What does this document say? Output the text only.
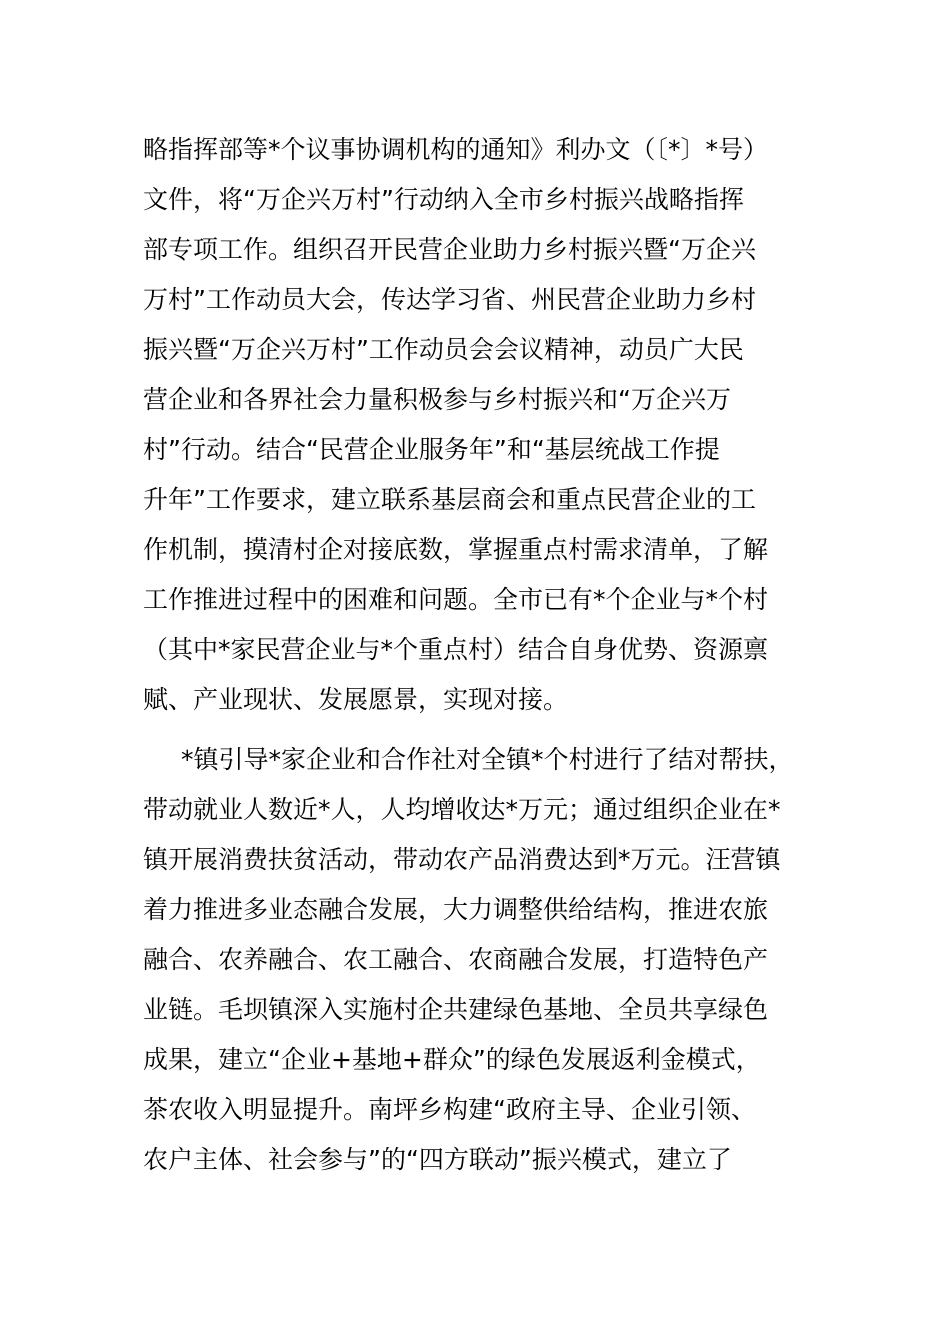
略指挥部等*个议事协调机构的通知》利办文（〔*〕*号）
文件，将“万企兴万村”行动纳入全市乡村振兴战略指挥
部专项工作。组织召开民营企业助力乡村振兴暨“万企兴
万村”工作动员大会，传达学习省、州民营企业助力乡村
振兴暨“万企兴万村”工作动员会会议精神，动员广大民
营企业和各界社会力量积极参与乡村振兴和“万企兴万
村”行动。结合“民营企业服务年”和“基层统战工作提
升年”工作要求，建立联系基层商会和重点民营企业的工
作机制，摸清村企对接底数，掌握重点村需求清单，了解
工作推进过程中的困难和问题。全市已有*个企业与*个村
（其中*家民营企业与*个重点村）结合自身优势、资源禀
赋、产业现状、发展愿景，实现对接。
*镇引导*家企业和合作社对全镇*个村进行了结对帮扶，
带动就业人数近*人，人均增收达*万元；通过组织企业在*
镇开展消费扶贫活动，带动农产品消费达到*万元。汪营镇
着力推进多业态融合发展，大力调整供给结构，推进农旅
融合、农养融合、农工融合、农商融合发展，打造特色产
业链。毛坝镇深入实施村企共建绿色基地、全员共享绿色
成果，建立“企业+基地+群众”的绿色发展返利金模式，
茶农收入明显提升。南坪乡构建“政府主导、企业引领、
农户主体、社会参与”的“四方联动”振兴模式，建立了
